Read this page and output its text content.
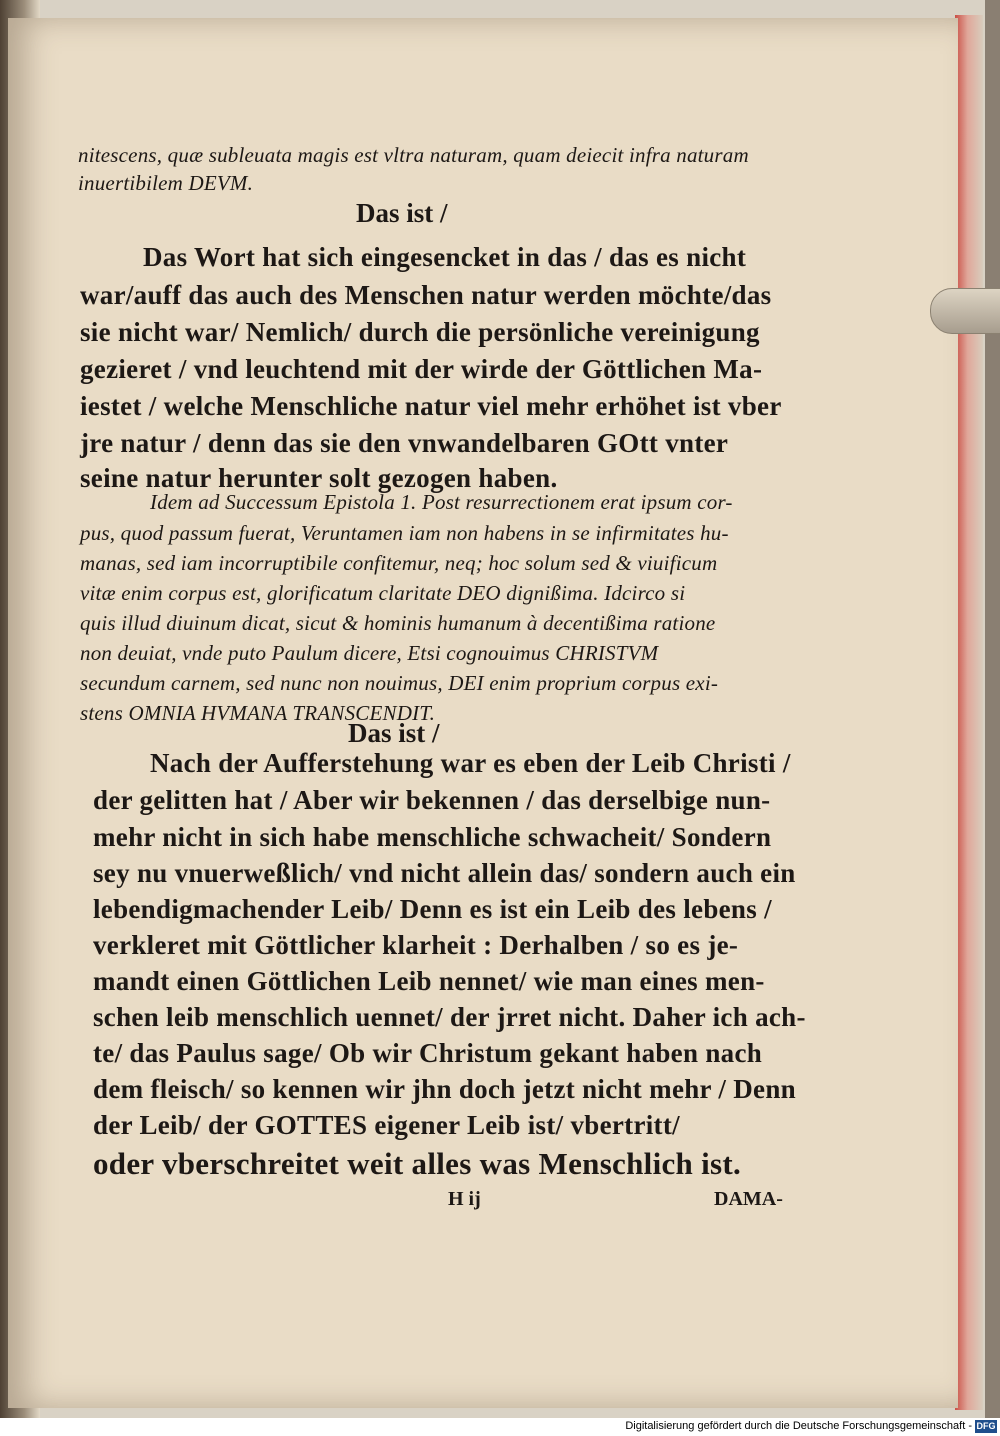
nitescens, quæ subleuata magis est vltra naturam, quam deiecit infra naturam
inuertibilem DEVM.
Das ist /
Das Wort hat sich eingesencket in das / das es nicht
war/auff das auch des Menschen natur werden möchte/das
sie nicht war/ Nemlich/ durch die persönliche vereinigung
gezieret / vnd leuchtend mit der wirde der Göttlichen Ma-
iestet / welche Menschliche natur viel mehr erhöhet ist vber
jre natur / denn das sie den vnwandelbaren GOtt vnter
seine natur herunter solt gezogen haben.
Idem ad Successum Epistola 1. Post resurrectionem erat ipsum cor-
pus, quod passum fuerat, Veruntamen iam non habens in se infirmitates hu-
manas, sed iam incorruptibile confitemur, neq; hoc solum sed & viuificum
vitæ enim corpus est, glorificatum claritate DEO dignißima. Idcirco si
quis illud diuinum dicat, sicut & hominis humanum à decentißima ratione
non deuiat, vnde puto Paulum dicere, Etsi cognouimus CHRISTVM
secundum carnem, sed nunc non nouimus, DEI enim proprium corpus exi-
stens OMNIA HVMANA TRANSCENDIT.
Das ist /
Nach der Aufferstehung war es eben der Leib Christi /
der gelitten hat / Aber wir bekennen / das derselbige nun-
mehr nicht in sich habe menschliche schwacheit/ Sondern
sey nu vnuerweßlich/ vnd nicht allein das/ sondern auch ein
lebendigmachender Leib/ Denn es ist ein Leib des lebens /
verkleret mit Göttlicher klarheit : Derhalben / so es je-
mandt einen Göttlichen Leib nennet/ wie man eines men-
schen leib menschlich uennet/ der jrret nicht. Daher ich ach-
te/ das Paulus sage/ Ob wir Christum gekant haben nach
dem fleisch/ so kennen wir jhn doch jetzt nicht mehr / Denn
der Leib/ der GOTTES eigener Leib ist/ vbertritt/
oder vberschreitet weit alles was Menschlich ist.
H ij	DAMA-
Digitalisierung gefördert durch die Deutsche Forschungsgemeinschaft - DFG
